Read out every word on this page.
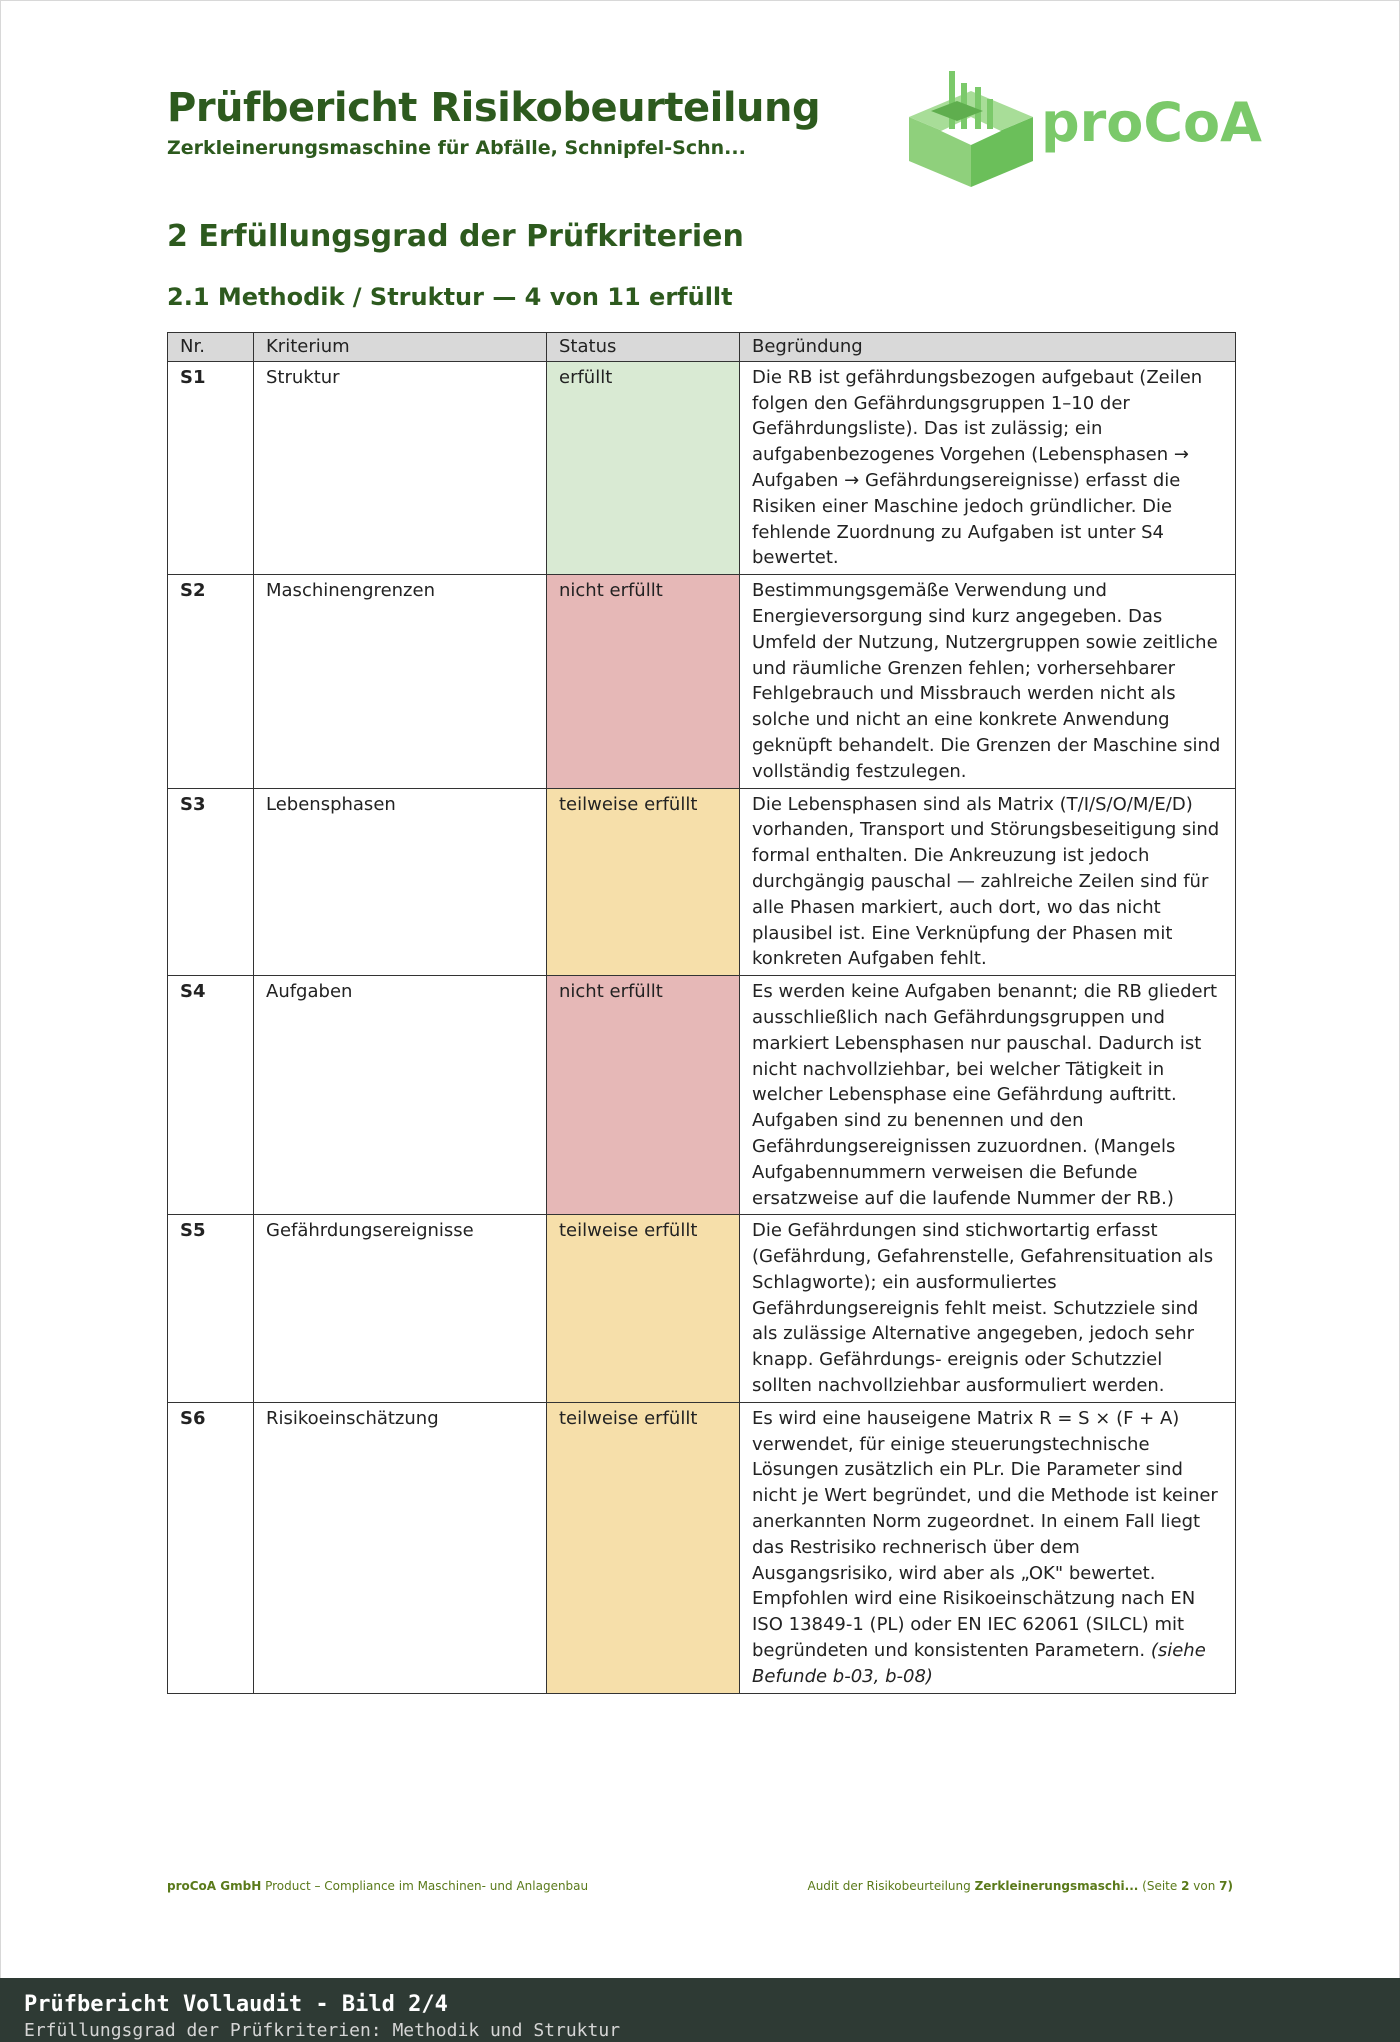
Prüfbericht Risikobeurteilung
Zerkleinerungsmaschine für Abfälle, Schnipfel-Schn...	proCoA
2 Erfüllungsgrad der Prüfkriterien
2.1 Methodik / Struktur — 4 von 11 erfüllt
Nr.	Kriterium	Status	Begründung
S1	Struktur	erfüllt	Die RB ist gefährdungsbezogen aufgebaut (Zeilen folgen den Gefährdungsgruppen 1–10 der Gefährdungsliste). Das ist zulässig; ein aufgabenbezogenes Vorgehen (Lebensphasen → Aufgaben → Gefährdungsereignisse) erfasst die Risiken einer Maschine jedoch gründlicher. Die fehlende Zuordnung zu Aufgaben ist unter S4 bewertet.
S2	Maschinengrenzen	nicht erfüllt	Bestimmungsgemäße Verwendung und Energieversorgung sind kurz angegeben. Das Umfeld der Nutzung, Nutzergruppen sowie zeitliche und räumliche Grenzen fehlen; vorhersehbarer Fehlgebrauch und Missbrauch werden nicht als solche und nicht an eine konkrete Anwendung geknüpft behandelt. Die Grenzen der Maschine sind vollständig festzulegen.
S3	Lebensphasen	teilweise erfüllt	Die Lebensphasen sind als Matrix (T/I/S/O/M/E/D) vorhanden, Transport und Störungsbeseitigung sind formal enthalten. Die Ankreuzung ist jedoch durchgängig pauschal — zahlreiche Zeilen sind für alle Phasen markiert, auch dort, wo das nicht plausibel ist. Eine Verknüpfung der Phasen mit konkreten Aufgaben fehlt.
S4	Aufgaben	nicht erfüllt	Es werden keine Aufgaben benannt; die RB gliedert ausschließlich nach Gefährdungsgruppen und markiert Lebensphasen nur pauschal. Dadurch ist nicht nachvollziehbar, bei welcher Tätigkeit in welcher Lebensphase eine Gefährdung auftritt. Aufgaben sind zu benennen und den Gefährdungsereignissen zuzuordnen. (Mangels Aufgabennummern verweisen die Befunde ersatzweise auf die laufende Nummer der RB.)
S5	Gefährdungsereignisse	teilweise erfüllt	Die Gefährdungen sind stichwortartig erfasst (Gefährdung, Gefahrenstelle, Gefahrensituation als Schlagworte); ein ausformuliertes Gefährdungsereignis fehlt meist. Schutzziele sind als zulässige Alternative angegeben, jedoch sehr knapp. Gefährdungs- ereignis oder Schutzziel sollten nachvollziehbar ausformuliert werden.
S6	Risikoeinschätzung	teilweise erfüllt	Es wird eine hauseigene Matrix R = S × (F + A) verwendet, für einige steuerungstechnische Lösungen zusätzlich ein PLr. Die Parameter sind nicht je Wert begründet, und die Methode ist keiner anerkannten Norm zugeordnet. In einem Fall liegt das Restrisiko rechnerisch über dem Ausgangsrisiko, wird aber als „OK" bewertet. Empfohlen wird eine Risikoeinschätzung nach EN ISO 13849-1 (PL) oder EN IEC 62061 (SILCL) mit begründeten und konsistenten Parametern. (siehe Befunde b-03, b-08)
proCoA GmbH Product – Compliance im Maschinen- und Anlagenbau	Audit der Risikobeurteilung Zerkleinerungsmaschi... (Seite 2 von 7)
Prüfbericht Vollaudit - Bild 2/4
Erfüllungsgrad der Prüfkriterien: Methodik und Struktur
